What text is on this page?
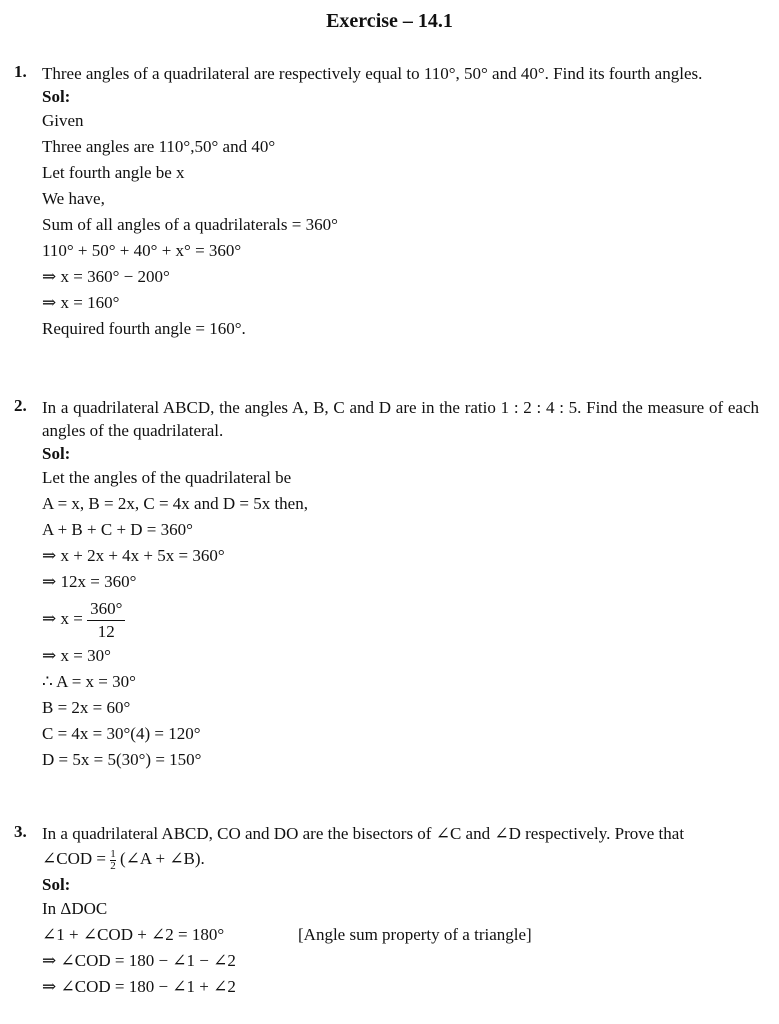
Exercise – 14.1
1. Three angles of a quadrilateral are respectively equal to 110°, 50° and 40°. Find its fourth angles.
Sol:
Given
Three angles are 110°,50° and 40°
Let fourth angle be x
We have,
Sum of all angles of a quadrilaterals = 360°
110° + 50° + 40° + x° = 360°
⇒ x = 360° − 200°
⇒ x = 160°
Required fourth angle = 160°.
2. In a quadrilateral ABCD, the angles A, B, C and D are in the ratio 1 : 2 : 4 : 5. Find the measure of each angles of the quadrilateral.
Sol:
Let the angles of the quadrilateral be
A = x, B = 2x, C = 4x and D = 5x then,
A + B + C + D = 360°
⇒ x + 2x + 4x + 5x = 360°
⇒ 12x = 360°
⇒ $x = \frac{360^\circ}{12}$
⇒ x = 30°
∴ A = x = 30°
B = 2x = 60°
C = 4x = 30°(4) = 120°
D = 5x = 5(30°) = 150°
3. In a quadrilateral ABCD, CO and DO are the bisectors of ∠C and ∠D respectively. Prove that
∠COD = $\frac{1}{2}$ (∠A + ∠B).
Sol:
In ΔDOC
∠1 + ∠COD + ∠2 = 180°	[Angle sum property of a triangle]
⇒ ∠COD = 180 − ∠1 − ∠2
⇒ ∠COD = 180 − ∠1 + ∠2
